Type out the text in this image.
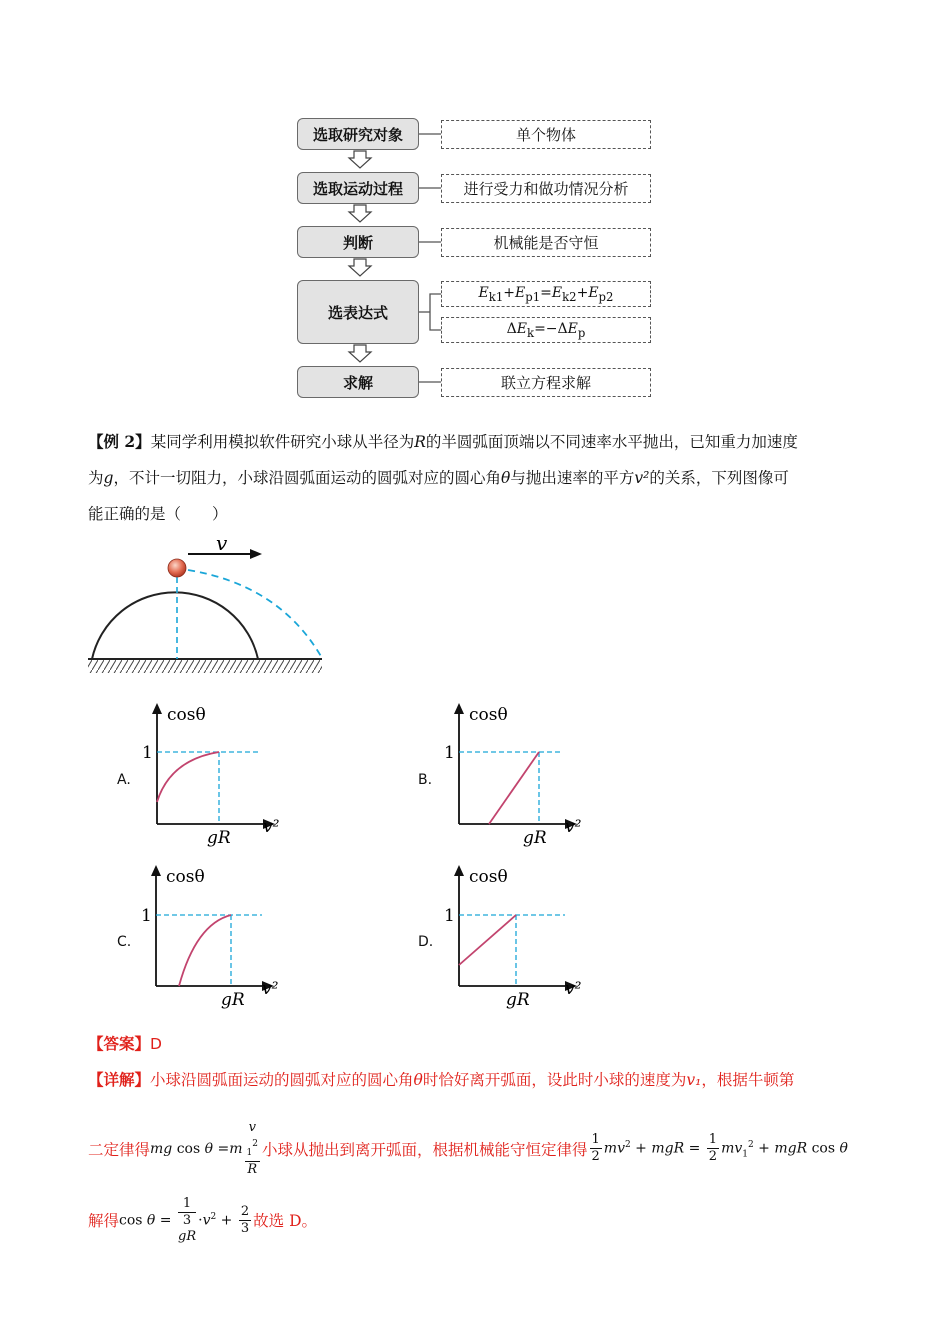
选取研究对象
选取运动过程
判断
选表达式
求解
单个物体
进行受力和做功情况分析
机械能是否守恒
$E_{k1}+E_{p1}=E_{k2}+E_{p2}$
$\Delta E_k=-\Delta E_p$
联立方程求解
【例 2】某同学利用模拟软件研究小球从半径为R的半圆弧面顶端以不同速率水平抛出，已知重力加速度
为g，不计一切阻力，小球沿圆弧面运动的圆弧对应的圆心角θ与抛出速率的平方v²的关系，下列图像可
能正确的是（　　）
v
A.
cosθ
1
gR
v²
B.
cosθ
1
gR
v²
C.
cosθ
1
gR
v²
D.
cosθ
1
gR
v²
【答案】D
【详解】小球沿圆弧面运动的圆弧对应的圆心角θ时恰好离开弧面，设此时小球的速度为v₁，根据牛顿第
二定律得 mg cos θ =m v
$_1^2$
R 小球从抛出到离开弧面，根据机械能守恒定律得 $\frac{1}{2} mv^2$ + mgR = $\frac{1}{2} mv_1^2$ + mgR cos θ
解得 cos θ = 1
3
gR $\cdot v^2 + \frac{2}{3}$ 故选 D。
